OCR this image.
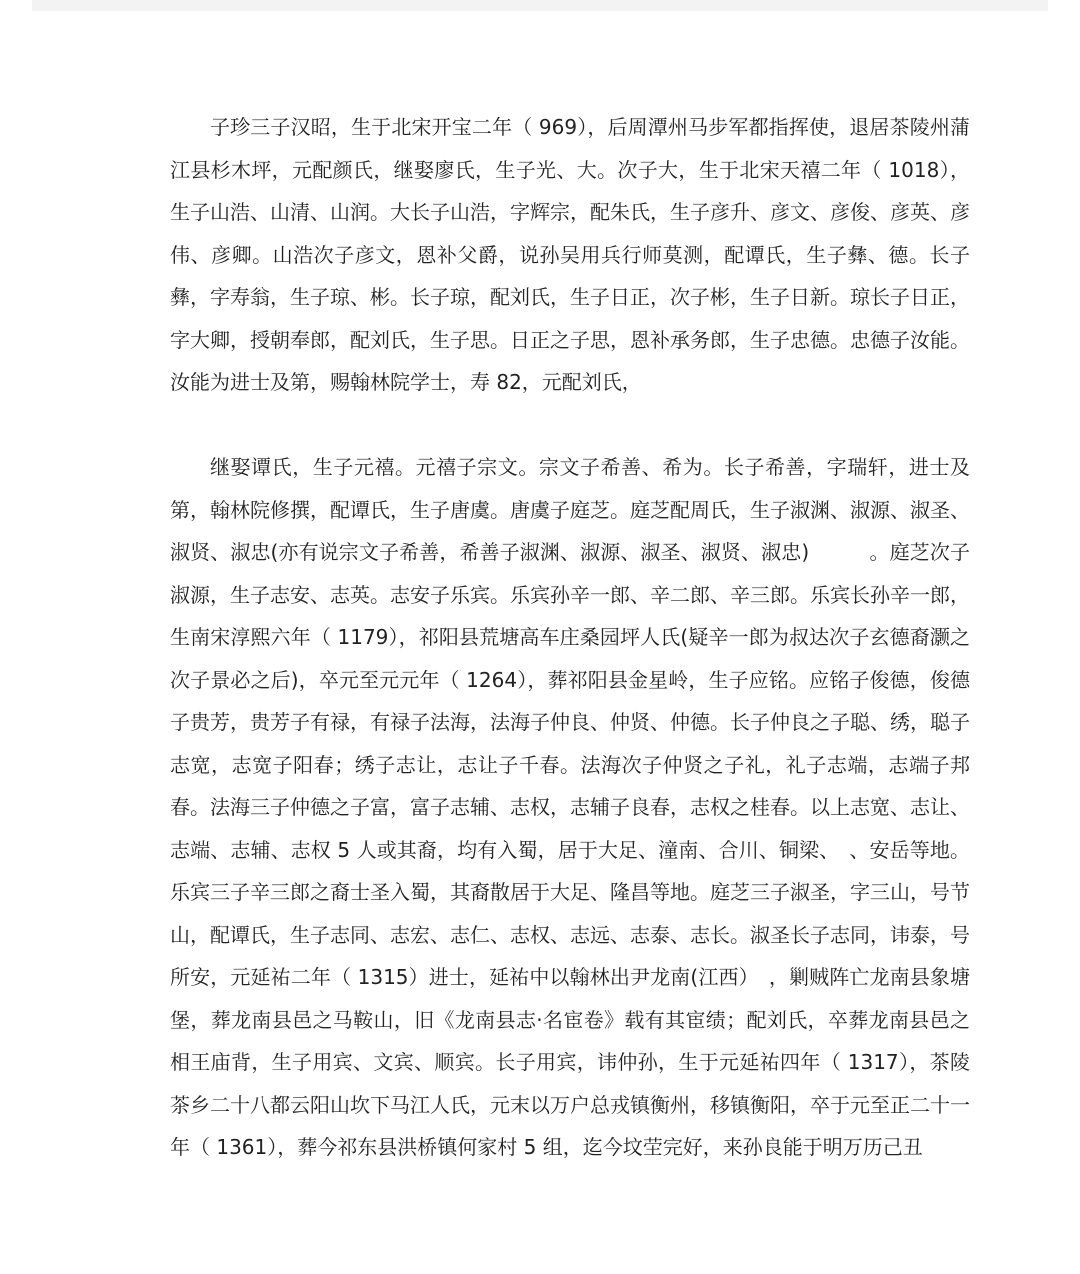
子珍三子汉昭，生于北宋开宝二年（ 969），后周潭州马步军都指挥使，退居茶陵州蒲江县杉木坪，元配颜氏，继娶廖氏，生子光、大。次子大，生于北宋天禧二年（ 1018），生子山浩、山清、山润。大长子山浩，字辉宗，配朱氏，生子彦升、彦文、彦俊、彦英、彦伟、彦卿。山浩次子彦文，恩补父爵，说孙吴用兵行师莫测，配谭氏，生子彝、德。长子彝，字寿翁，生子琼、彬。长子琼，配刘氏，生子日正，次子彬，生子日新。琼长子日正，字大卿，授朝奉郎，配刘氏，生子思。日正之子思，恩补承务郎，生子忠德。忠德子汝能。汝能为进士及第，赐翰林院学士，寿 82，元配刘氏，

继娶谭氏，生子元禧。元禧子宗文。宗文子希善、希为。长子希善，字瑞轩，进士及第，翰林院修撰，配谭氏，生子唐虞。唐虞子庭芝。庭芝配周氏，生子淑渊、淑源、淑圣、淑贤、淑忠(亦有说宗文子希善，希善子淑渊、淑源、淑圣、淑贤、淑忠)　　　。庭芝次子淑源，生子志安、志英。志安子乐宾。乐宾孙辛一郎、辛二郎、辛三郎。乐宾长孙辛一郎，生南宋淳熙六年（ 1179），祁阳县荒塘高车庄桑园坪人氏(疑辛一郎为叔达次子玄德裔灏之次子景必之后)，卒元至元元年（ 1264），葬祁阳县金星岭，生子应铭。应铭子俊德，俊德子贵芳，贵芳子有禄，有禄子法海，法海子仲良、仲贤、仲德。长子仲良之子聪、绣，聪子志宽，志宽子阳春；绣子志让，志让子千春。法海次子仲贤之子礼，礼子志端，志端子邦春。法海三子仲德之子富，富子志辅、志权，志辅子良春，志权之桂春。以上志宽、志让、志端、志辅、志权 5 人或其裔，均有入蜀，居于大足、潼南、合川、铜梁、　、安岳等地。乐宾三子辛三郎之裔士圣入蜀，其裔散居于大足、隆昌等地。庭芝三子淑圣，字三山，号节山，配谭氏，生子志同、志宏、志仁、志权、志远、志泰、志长。淑圣长子志同，讳泰，号所安，元延祐二年（ 1315）进士，延祐中以翰林出尹龙南(江西）　，剿贼阵亡龙南县象塘堡，葬龙南县邑之马鞍山，旧《龙南县志·名宦卷》载有其宦绩；配刘氏，卒葬龙南县邑之相王庙背，生子用宾、文宾、顺宾。长子用宾，讳仲孙，生于元延祐四年（ 1317），茶陵茶乡二十八都云阳山坎下马江人氏，元末以万户总戎镇衡州，移镇衡阳，卒于元至正二十一年（ 1361），葬今祁东县洪桥镇何家村 5 组，迄今坟茔完好，来孙良能于明万历己丑
